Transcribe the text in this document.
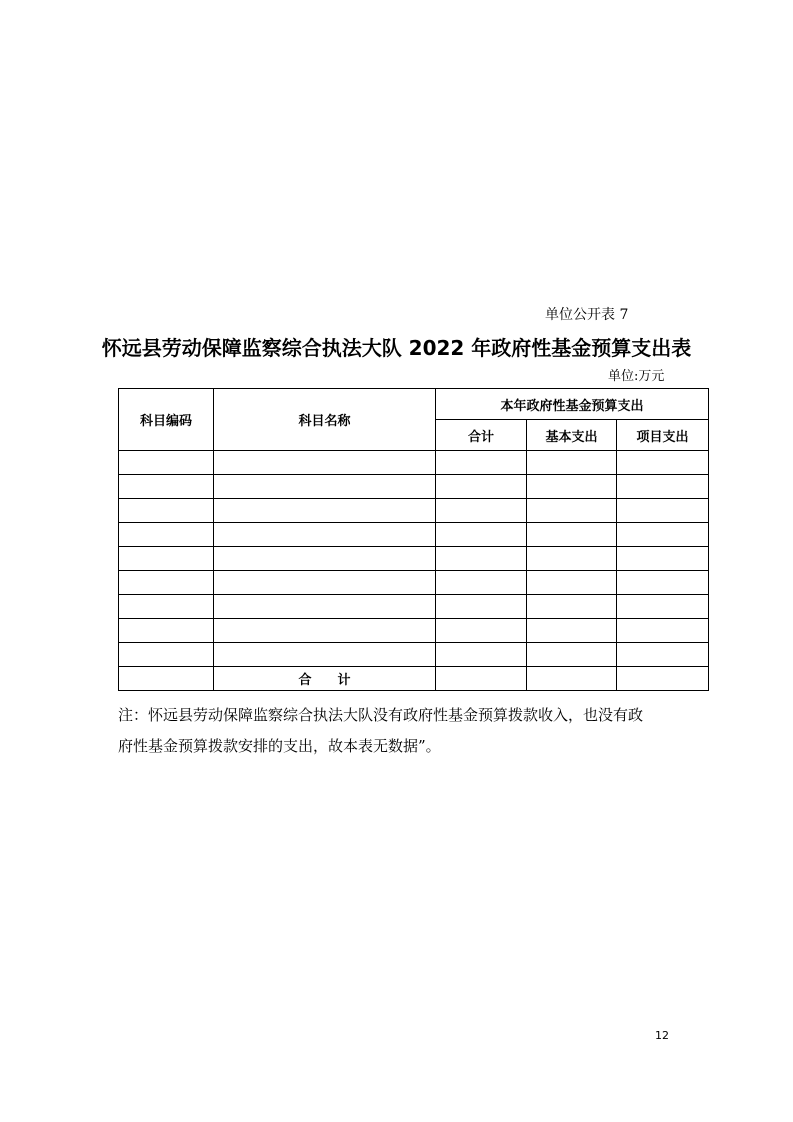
单位公开表 7
怀远县劳动保障监察综合执法大队 2022 年政府性基金预算支出表
单位:万元
科目编码	科目名称	本年政府性基金预算支出		
		合计	基本支出	项目支出

	合　　计			

注：怀远县劳动保障监察综合执法大队没有政府性基金预算拨款收入，也没有政

府性基金预算拨款安排的支出，故本表无数据”。

12
